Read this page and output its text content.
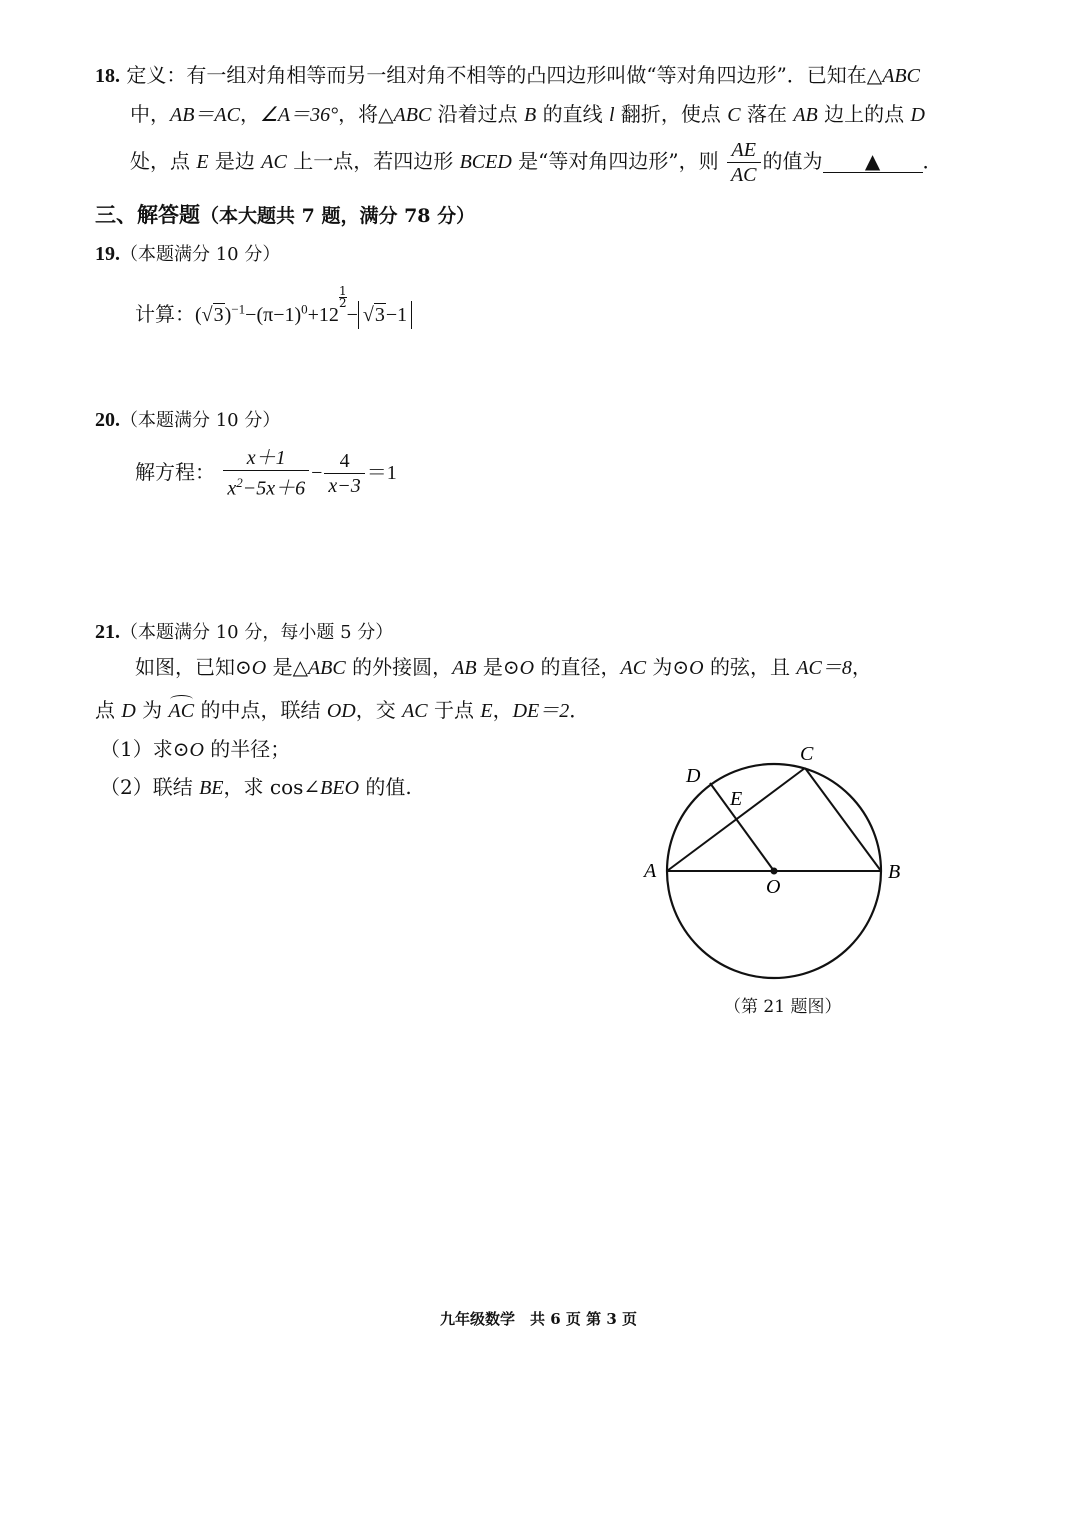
18. 定义：有一组对角相等而另一组对角不相等的凸四边形叫做“等对角四边形”．已知在△ABC
中，AB＝AC，∠A＝36°，将△ABC 沿着过点 B 的直线 l 翻折，使点 C 落在 AB 边上的点 D
处，点 E 是边 AC 上一点，若四边形 BCED 是“等对角四边形”，则 $\frac{AE}{AC}$ 的值为 ▲ ．
三、解答题（本大题共 7 题，满分 78 分）
19.（本题满分 10 分）
计算：$(√3)^{-1}-(\pi-1)^0+12$
$\frac{1}{2}$
− √3−1
20.（本题满分 10 分）
解方程： $\frac{x+1}{x^2-5x+6} - \frac{4}{x-3} =1$
21.（本题满分 10 分，每小题 5 分）
如图，已知⊙O 是△ABC 的外接圆，AB 是⊙O 的直径，AC 为⊙O 的弦，且 AC＝8，
点 D 为 AC 的中点，联结 OD，交 AC 于点 E，DE＝2．
（1）求⊙O 的半径；
（2）联结 BE，求 cos∠BEO 的值.
A	B
C
D
E
O
（第 21 题图）
九年级数学　共 6 页 第 3 页
